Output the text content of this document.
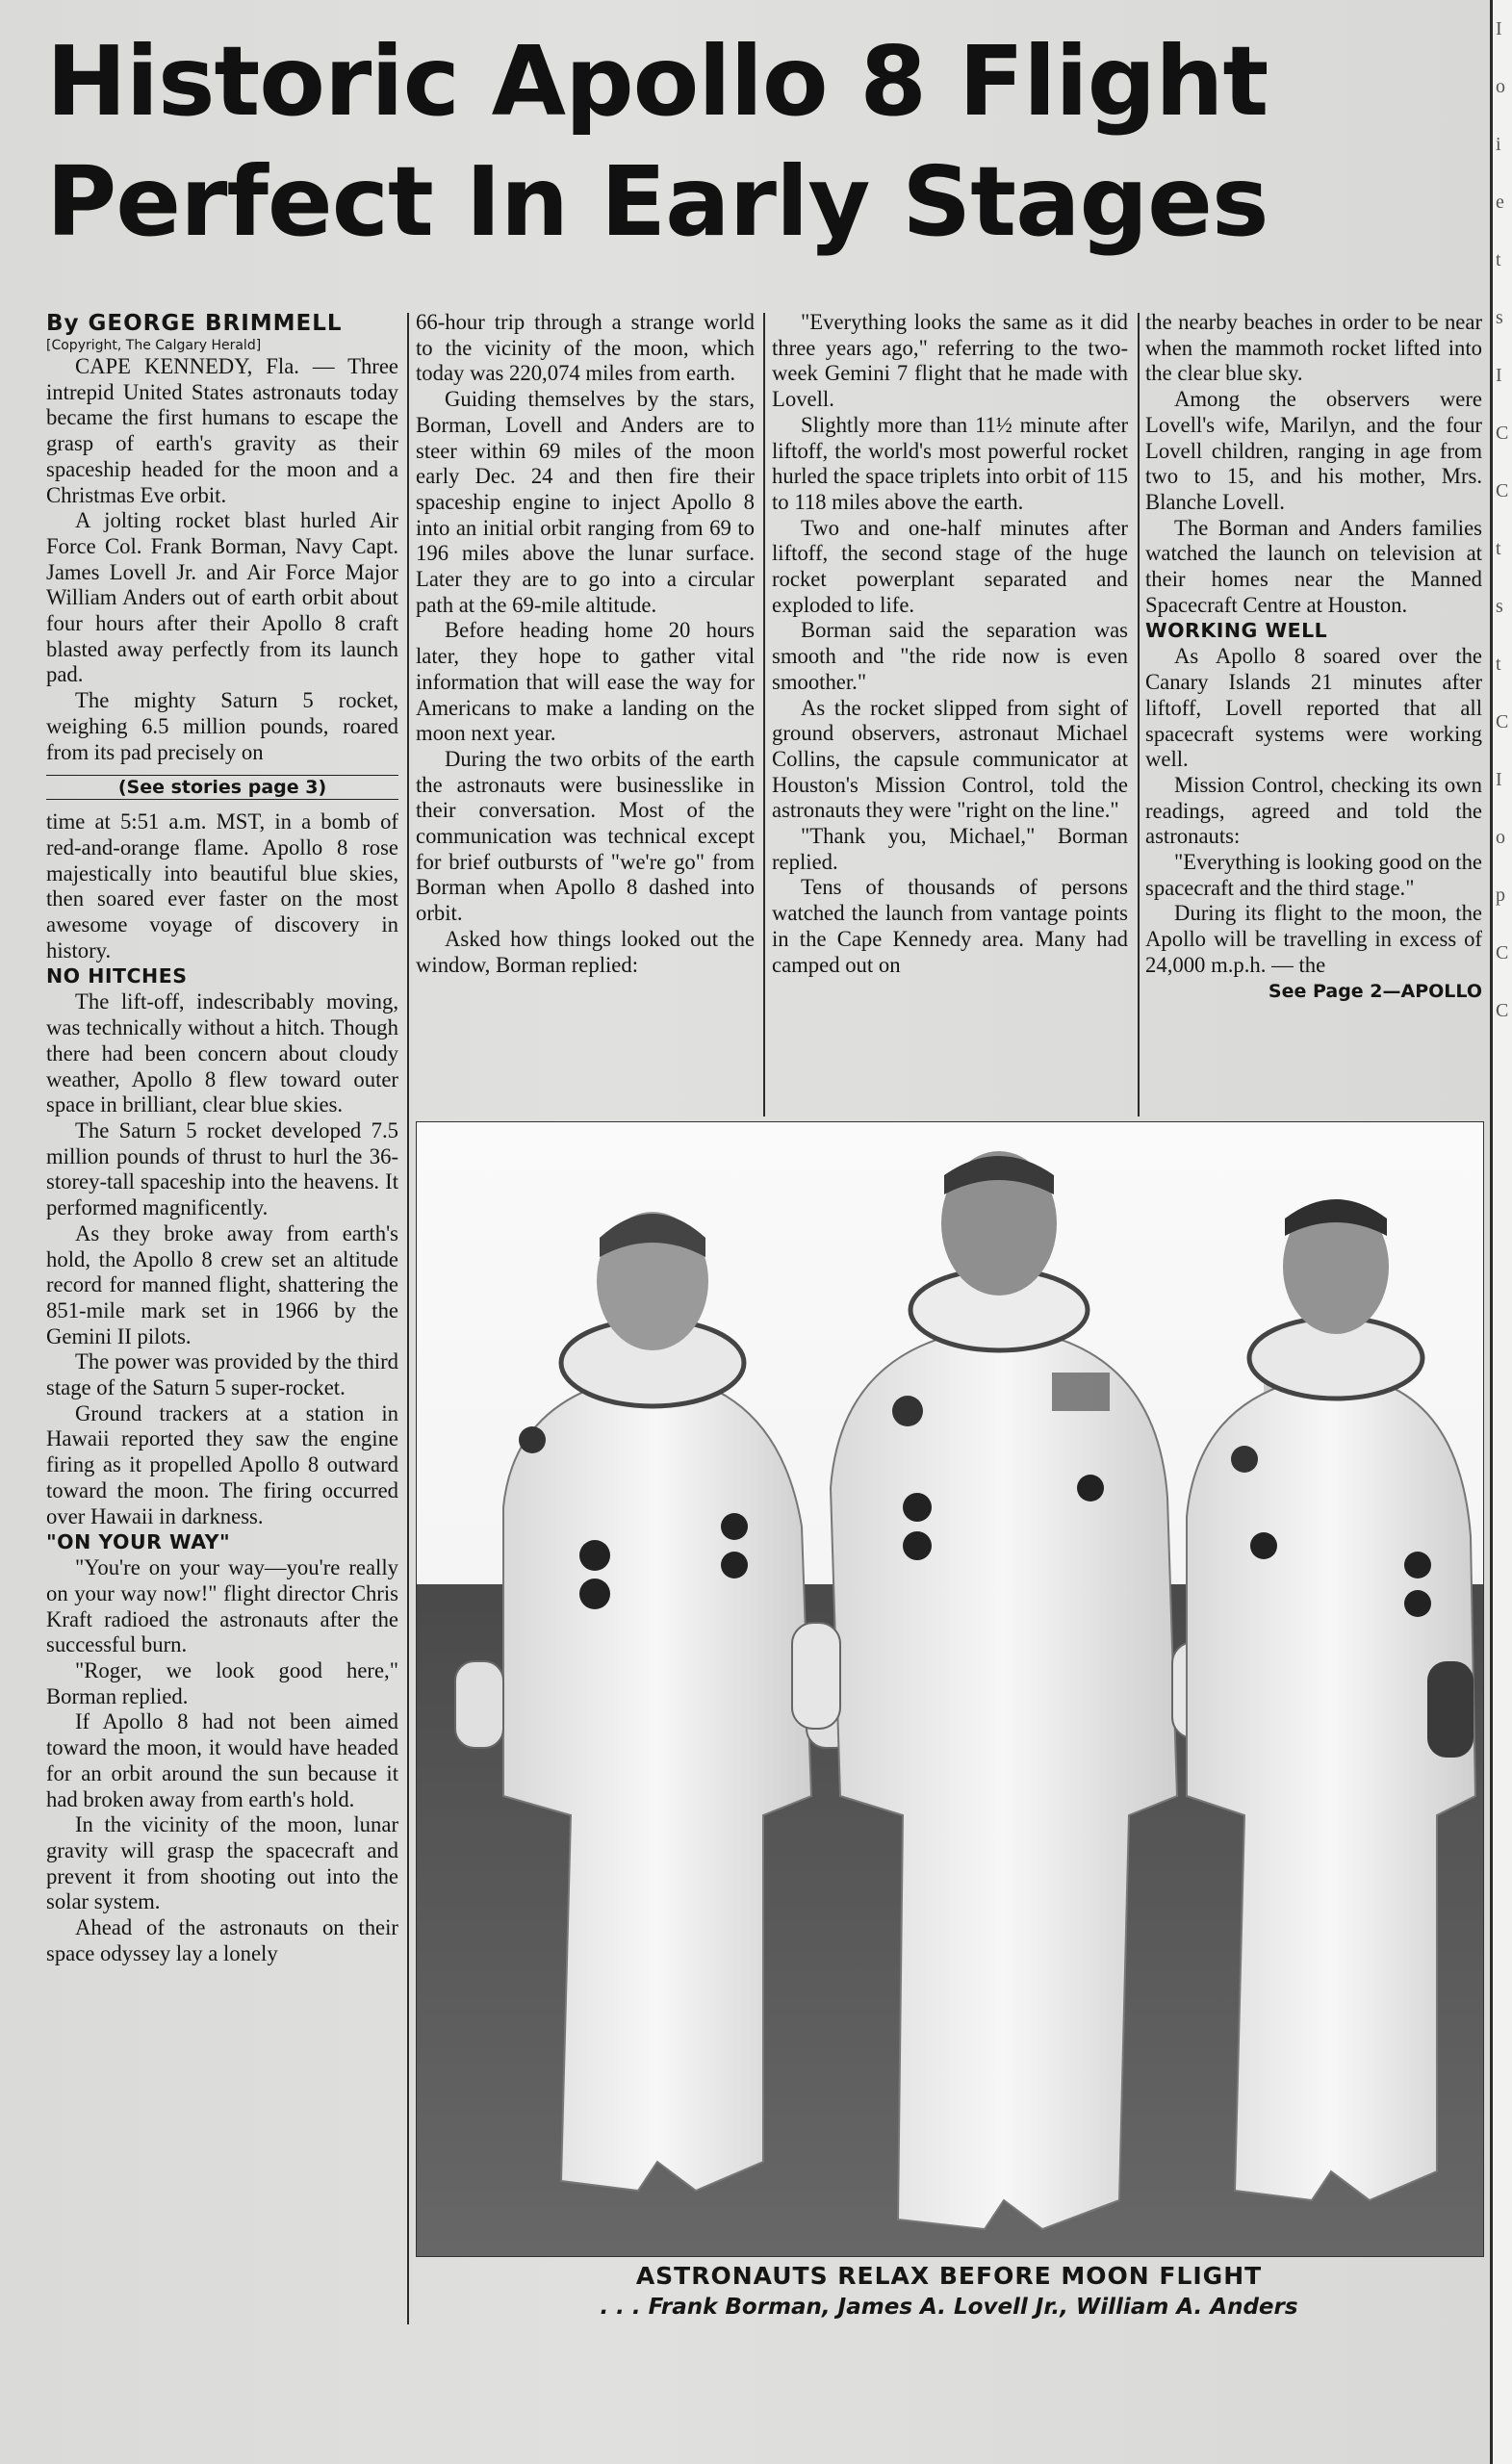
Historic Apollo 8 Flight
Perfect In Early Stages
By GEORGE BRIMMELL
[Copyright, The Calgary Herald]

CAPE KENNEDY, Fla. — Three intrepid United States astronauts today became the first humans to escape the grasp of earth's gravity as their spaceship headed for the moon and a Christmas Eve orbit.

A jolting rocket blast hurled Air Force Col. Frank Borman, Navy Capt. James Lovell Jr. and Air Force Major William Anders out of earth orbit about four hours after their Apollo 8 craft blasted away perfectly from its launch pad.

The mighty Saturn 5 rocket, weighing 6.5 million pounds, roared from its pad precisely on

(See stories page 3)

time at 5:51 a.m. MST, in a bomb of red-and-orange flame. Apollo 8 rose majestically into beautiful blue skies, then soared ever faster on the most awesome voyage of discovery in history.

NO HITCHES

The lift-off, indescribably moving, was technically without a hitch. Though there had been concern about cloudy weather, Apollo 8 flew toward outer space in brilliant, clear blue skies.

The Saturn 5 rocket developed 7.5 million pounds of thrust to hurl the 36-storey-tall spaceship into the heavens. It performed magnificently.

As they broke away from earth's hold, the Apollo 8 crew set an altitude record for manned flight, shattering the 851-mile mark set in 1966 by the Gemini II pilots.

The power was provided by the third stage of the Saturn 5 super-rocket.

Ground trackers at a station in Hawaii reported they saw the engine firing as it propelled Apollo 8 outward toward the moon. The firing occurred over Hawaii in darkness.

"ON YOUR WAY"

"You're on your way—you're really on your way now!" flight director Chris Kraft radioed the astronauts after the successful burn.

"Roger, we look good here," Borman replied.

If Apollo 8 had not been aimed toward the moon, it would have headed for an orbit around the sun because it had broken away from earth's hold.

In the vicinity of the moon, lunar gravity will grasp the spacecraft and prevent it from shooting out into the solar system.

Ahead of the astronauts on their space odyssey lay a lonely

66-hour trip through a strange world to the vicinity of the moon, which today was 220,074 miles from earth.

Guiding themselves by the stars, Borman, Lovell and Anders are to steer within 69 miles of the moon early Dec. 24 and then fire their spaceship engine to inject Apollo 8 into an initial orbit ranging from 69 to 196 miles above the lunar surface. Later they are to go into a circular path at the 69-mile altitude.

Before heading home 20 hours later, they hope to gather vital information that will ease the way for Americans to make a landing on the moon next year.

During the two orbits of the earth the astronauts were businesslike in their conversation. Most of the communication was technical except for brief outbursts of "we're go" from Borman when Apollo 8 dashed into orbit.

Asked how things looked out the window, Borman replied:

"Everything looks the same as it did three years ago," referring to the two-week Gemini 7 flight that he made with Lovell.

Slightly more than 11½ minute after liftoff, the world's most powerful rocket hurled the space triplets into orbit of 115 to 118 miles above the earth.

Two and one-half minutes after liftoff, the second stage of the huge rocket powerplant separated and exploded to life.

Borman said the separation was smooth and "the ride now is even smoother."

As the rocket slipped from sight of ground observers, astronaut Michael Collins, the capsule communicator at Houston's Mission Control, told the astronauts they were "right on the line."

"Thank you, Michael," Borman replied.

Tens of thousands of persons watched the launch from vantage points in the Cape Kennedy area. Many had camped out on

the nearby beaches in order to be near when the mammoth rocket lifted into the clear blue sky.

Among the observers were Lovell's wife, Marilyn, and the four Lovell children, ranging in age from two to 15, and his mother, Mrs. Blanche Lovell.

The Borman and Anders families watched the launch on television at their homes near the Manned Spacecraft Centre at Houston.

WORKING WELL

As Apollo 8 soared over the Canary Islands 21 minutes after liftoff, Lovell reported that all spacecraft systems were working well.

Mission Control, checking its own readings, agreed and told the astronauts:

"Everything is looking good on the spacecraft and the third stage."

During its flight to the moon, the Apollo will be travelling in excess of 24,000 m.p.h. — the

See Page 2—APOLLO
ASTRONAUTS RELAX BEFORE MOON FLIGHT
. . . Frank Borman, James A. Lovell Jr., William A. Anders
I
o
i
e
t
s
I
C
C
t
s
t
C
I
o
p
C
C
